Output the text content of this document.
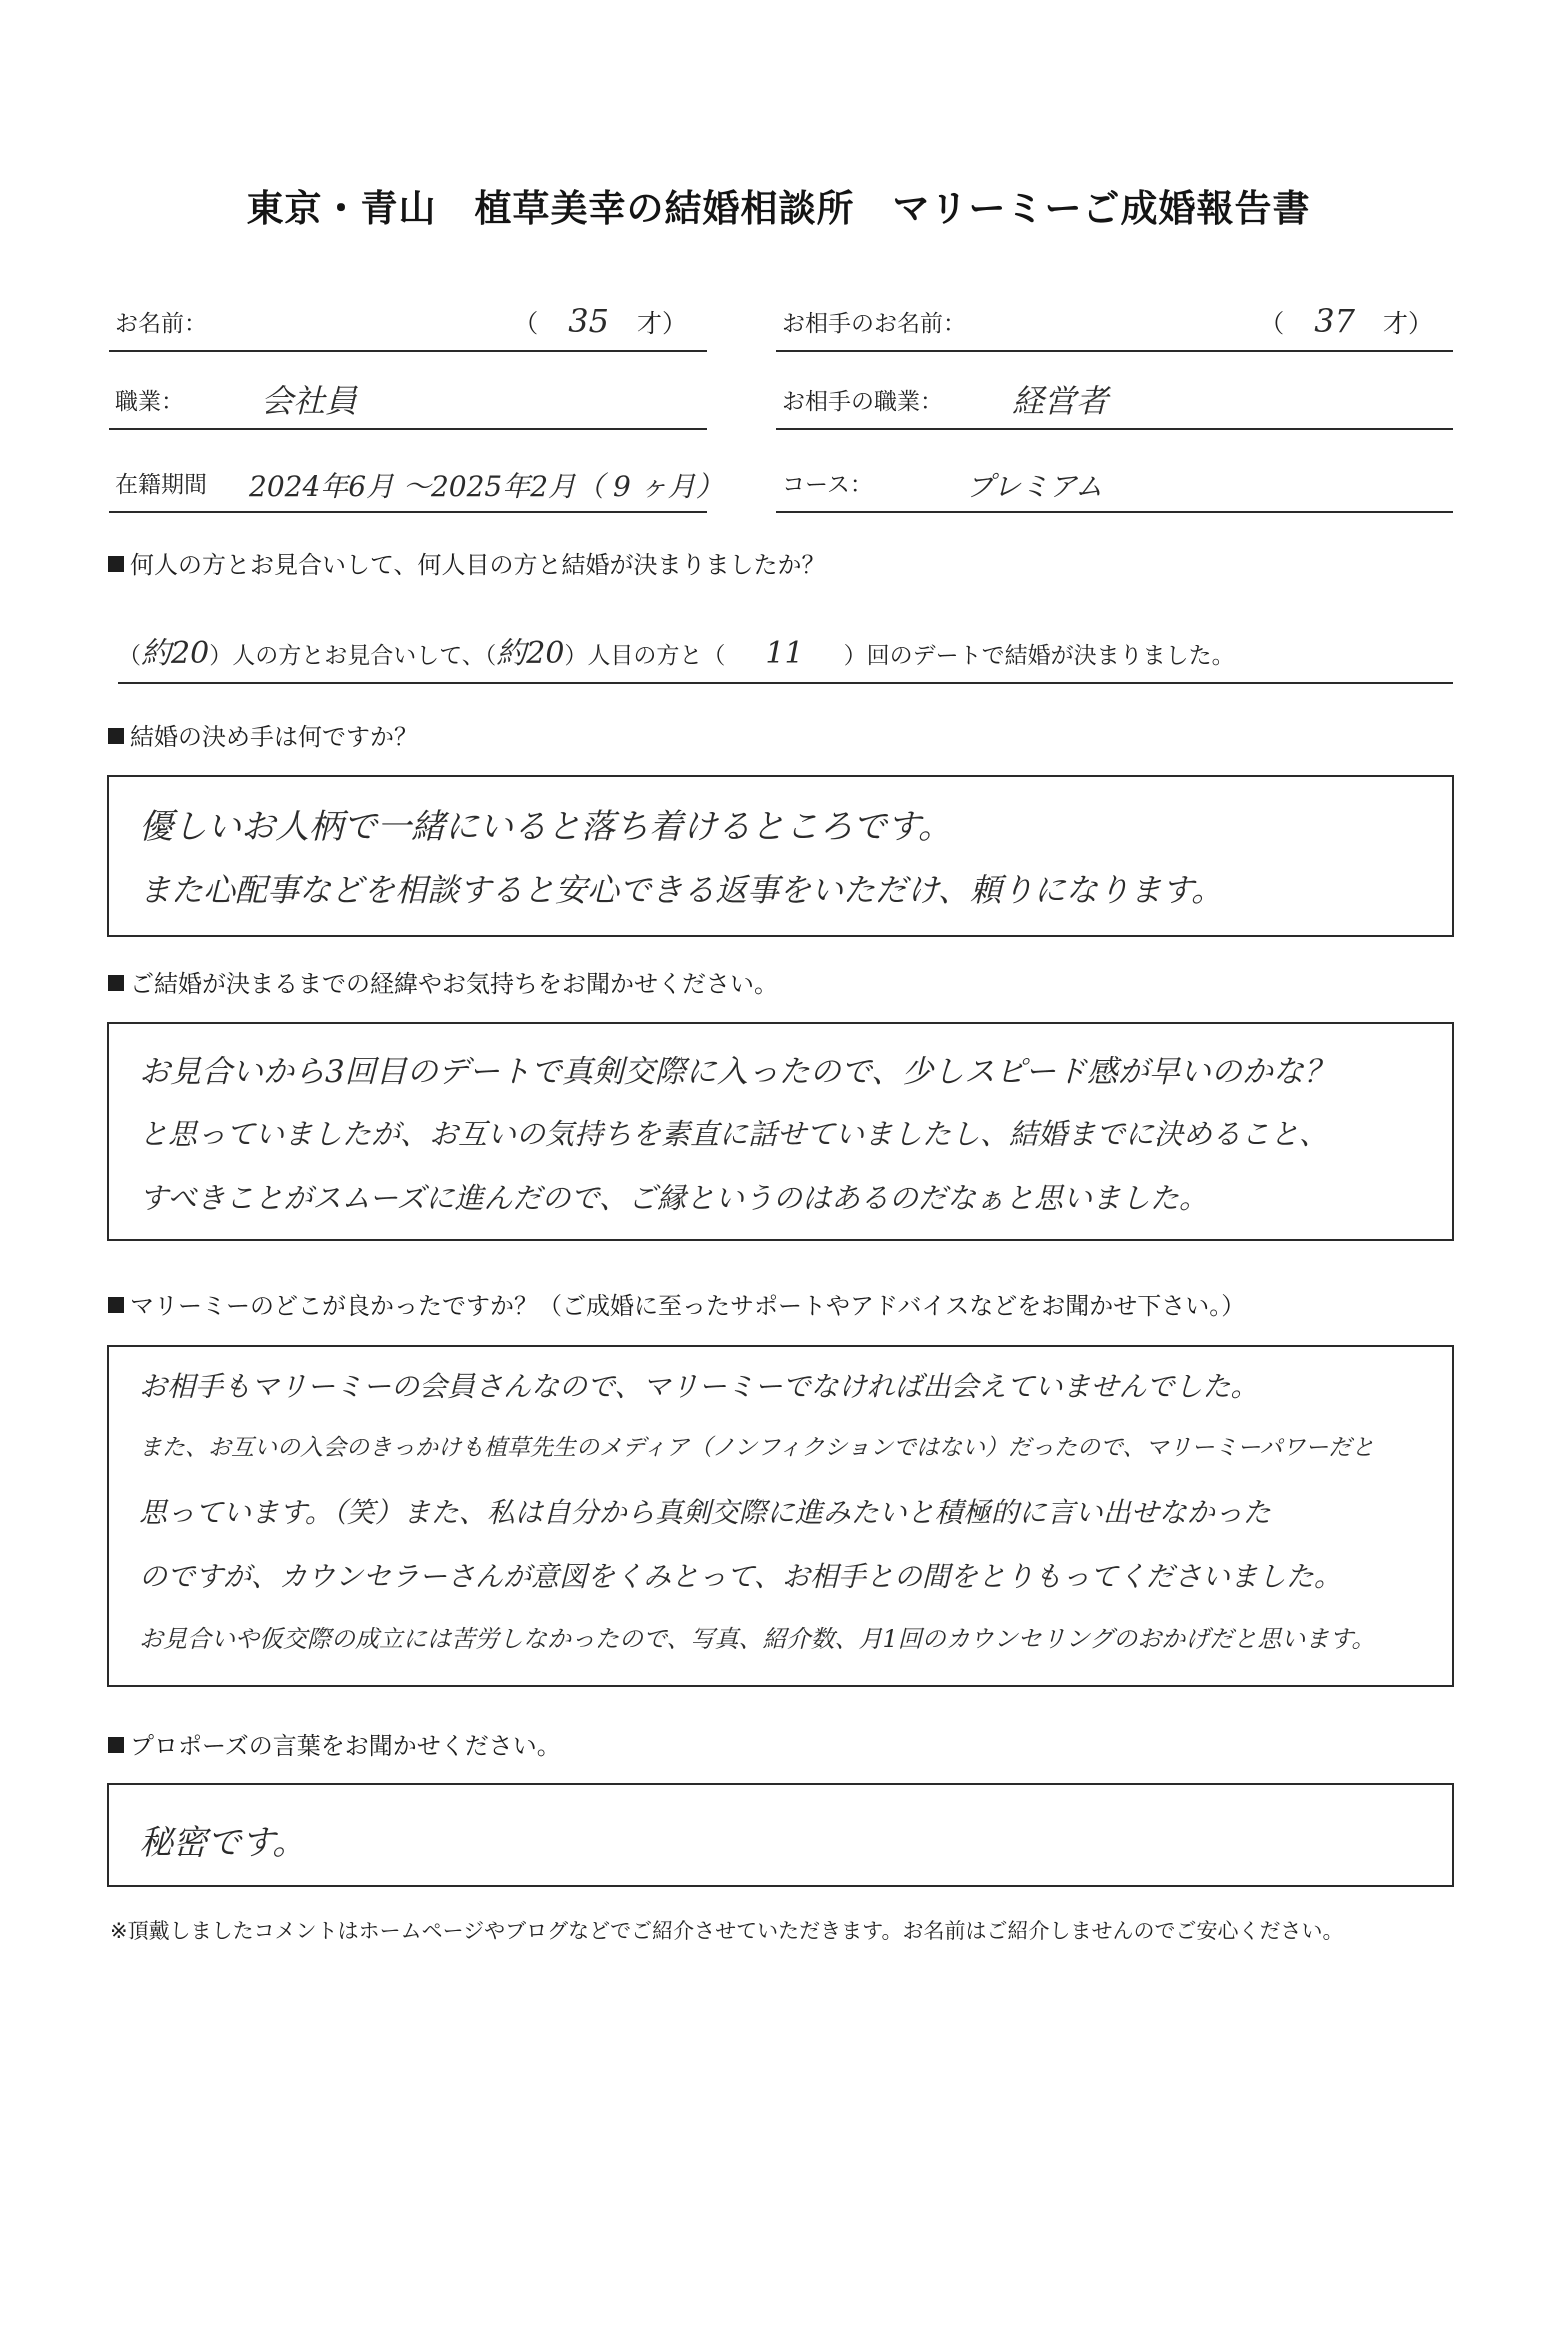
東京・青山　植草美幸の結婚相談所　マリーミーご成婚報告書
お名前：	（ 35 才）	お相手のお名前：	（ 37 才）
職業： 会社員	お相手の職業： 経営者
在籍期間 2024年6月 〜2025年2月（ 9 ヶ月）	コース：	プレミアム
何人の方とお見合いして、何人目の方と結婚が決まりましたか？
（約20）人の方とお見合いして、（約20）人目の方と（ 11 ）回のデートで結婚が決まりました。
結婚の決め手は何ですか？
優しいお人柄で一緒にいると落ち着けるところです。
また心配事などを相談すると安心できる返事をいただけ、頼りになります。
ご結婚が決まるまでの経緯やお気持ちをお聞かせください。
お見合いから3回目のデートで真剣交際に入ったので、少しスピード感が早いのかな？
と思っていましたが、お互いの気持ちを素直に話せていましたし、結婚までに決めること、
すべきことがスムーズに進んだので、ご縁というのはあるのだなぁと思いました。
マリーミーのどこが良かったですか？（ご成婚に至ったサポートやアドバイスなどをお聞かせ下さい。）
お相手もマリーミーの会員さんなので、マリーミーでなければ出会えていませんでした。
また、お互いの入会のきっかけも植草先生のメディア（ノンフィクションではない）だったので、マリーミーパワーだと
思っています。（笑）また、私は自分から真剣交際に進みたいと積極的に言い出せなかった
のですが、カウンセラーさんが意図をくみとって、お相手との間をとりもってくださいました。
お見合いや仮交際の成立には苦労しなかったので、写真、紹介数、月1回のカウンセリングのおかげだと思います。
プロポーズの言葉をお聞かせください。
秘密です。
※頂戴しましたコメントはホームページやブログなどでご紹介させていただきます。お名前はご紹介しませんのでご安心ください。
